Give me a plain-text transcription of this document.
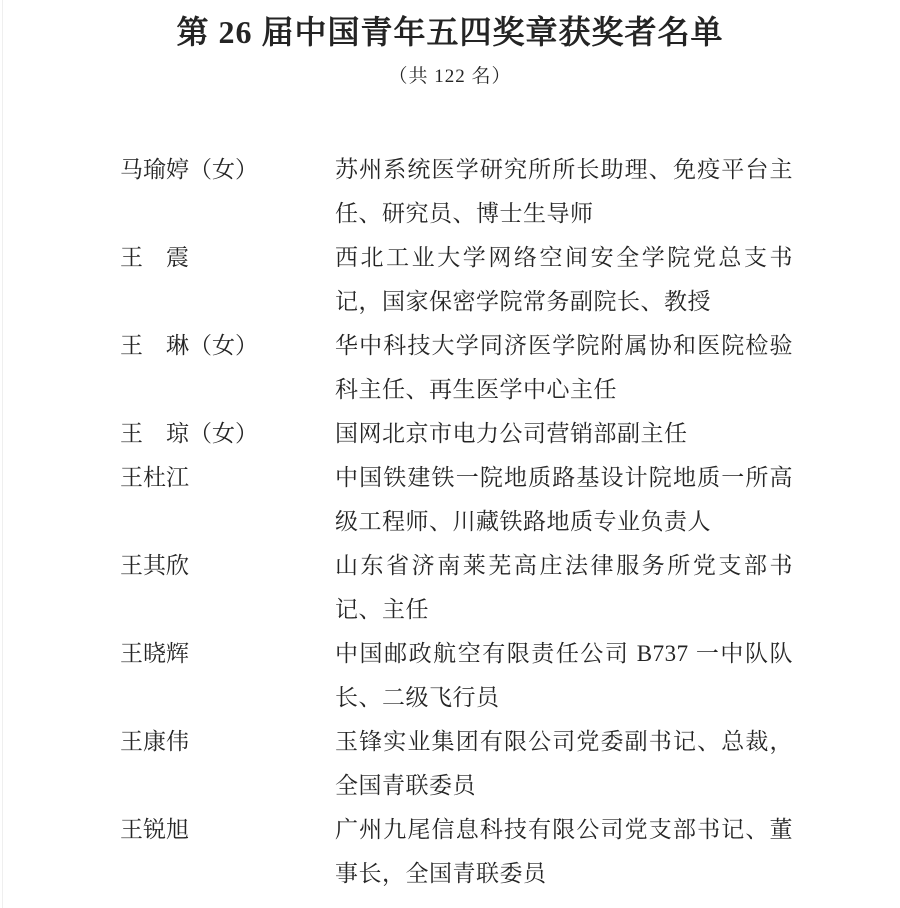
第 26 届中国青年五四奖章获奖者名单
（共 122 名）
马瑜婷（女）	苏州系统医学研究所所长助理、免疫平台主任、研究员、博士生导师
王　震	西北工业大学网络空间安全学院党总支书记，国家保密学院常务副院长、教授
王　琳（女）	华中科技大学同济医学院附属协和医院检验科主任、再生医学中心主任
王　琼（女）	国网北京市电力公司营销部副主任
王杜江	中国铁建铁一院地质路基设计院地质一所高级工程师、川藏铁路地质专业负责人
王其欣	山东省济南莱芜高庄法律服务所党支部书记、主任
王晓辉	中国邮政航空有限责任公司 B737 一中队队长、二级飞行员
王康伟	玉锋实业集团有限公司党委副书记、总裁，全国青联委员
王锐旭	广州九尾信息科技有限公司党支部书记、董事长，全国青联委员
